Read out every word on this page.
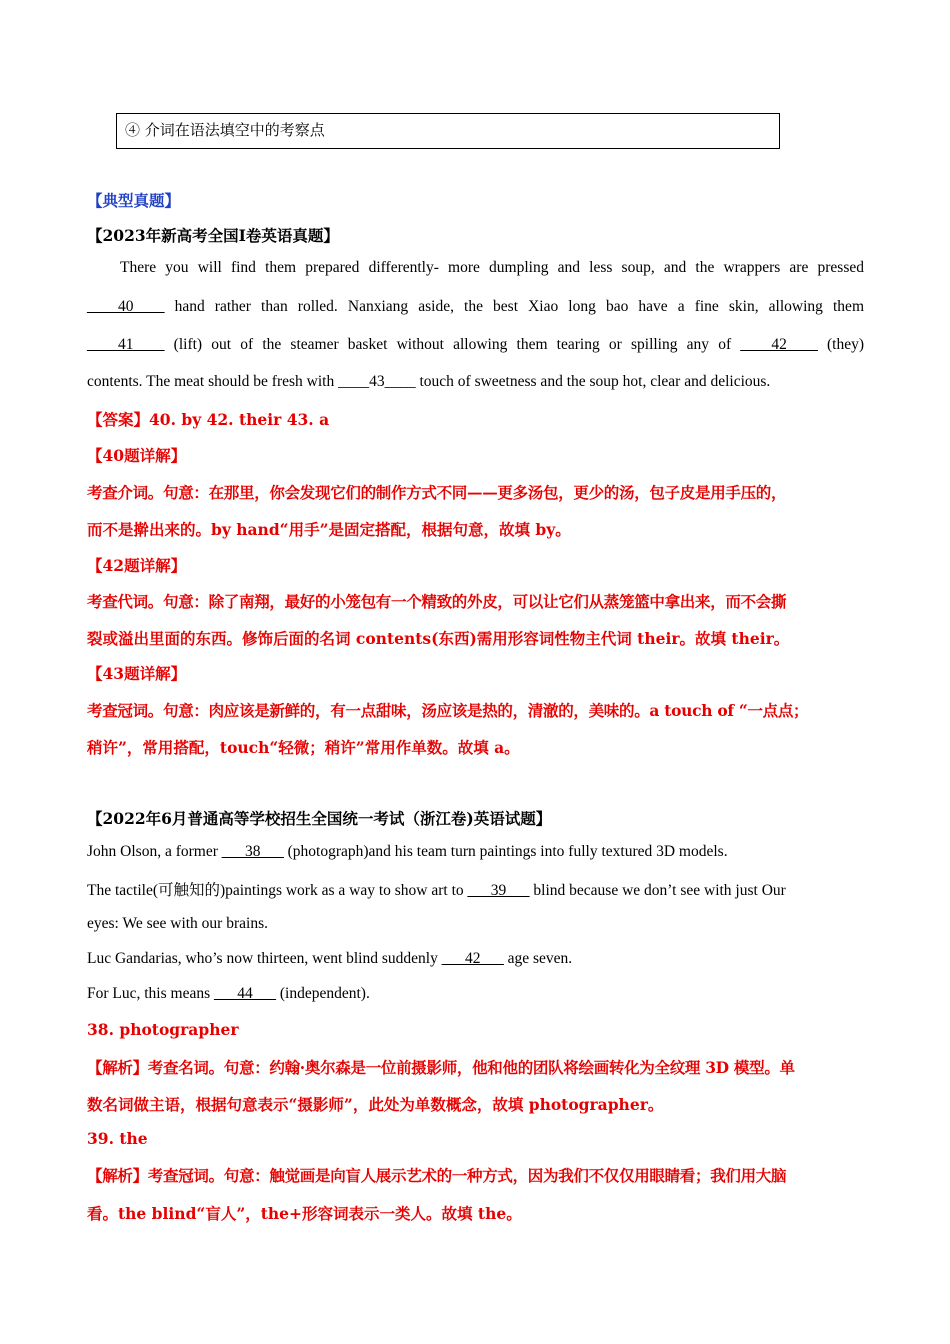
④ 介词在语法填空中的考察点
【典型真题】
【2023年新高考全国Ⅰ卷英语真题】
There you will find them prepared differently- more dumpling and less soup, and the wrappers are pressed
____40____ hand rather than rolled. Nanxiang aside, the best Xiao long bao have a fine skin, allowing them
____41____ (lift) out of the steamer basket without allowing them tearing or spilling any of ____42____ (they)
contents. The meat should be fresh with ____43____ touch of sweetness and the soup hot, clear and delicious.
【答案】40. by 42. their 43. a
【40题详解】
考查介词。句意：在那里，你会发现它们的制作方式不同——更多汤包，更少的汤，包子皮是用手压的，
而不是擀出来的。by hand“用手”是固定搭配，根据句意，故填 by。
【42题详解】
考查代词。句意：除了南翔，最好的小笼包有一个精致的外皮，可以让它们从蒸笼篮中拿出来，而不会撕
裂或溢出里面的东西。修饰后面的名词 contents(东西)需用形容词性物主代词 their。故填 their。
【43题详解】
考查冠词。句意：肉应该是新鲜的，有一点甜味，汤应该是热的，清澈的，美味的。a touch of “一点点；
稍许”，常用搭配，touch“轻微；稍许”常用作单数。故填 a。
【2022年6月普通高等学校招生全国统一考试（浙江卷)英语试题】
John Olson, a former ___38___ (photograph)and his team turn paintings into fully textured 3D models.
The tactile(可触知的)paintings work as a way to show art to ___39___ blind because we don’t see with just Our
eyes: We see with our brains.
Luc Gandarias, who’s now thirteen, went blind suddenly ___42___ age seven.
For Luc, this means ___44___ (independent).
38. photographer
【解析】考查名词。句意：约翰·奥尔森是一位前摄影师，他和他的团队将绘画转化为全纹理 3D 模型。单
数名词做主语，根据句意表示“摄影师”，此处为单数概念，故填 photographer。
39. the
【解析】考查冠词。句意：触觉画是向盲人展示艺术的一种方式，因为我们不仅仅用眼睛看；我们用大脑
看。the blind“盲人”，the+形容词表示一类人。故填 the。
